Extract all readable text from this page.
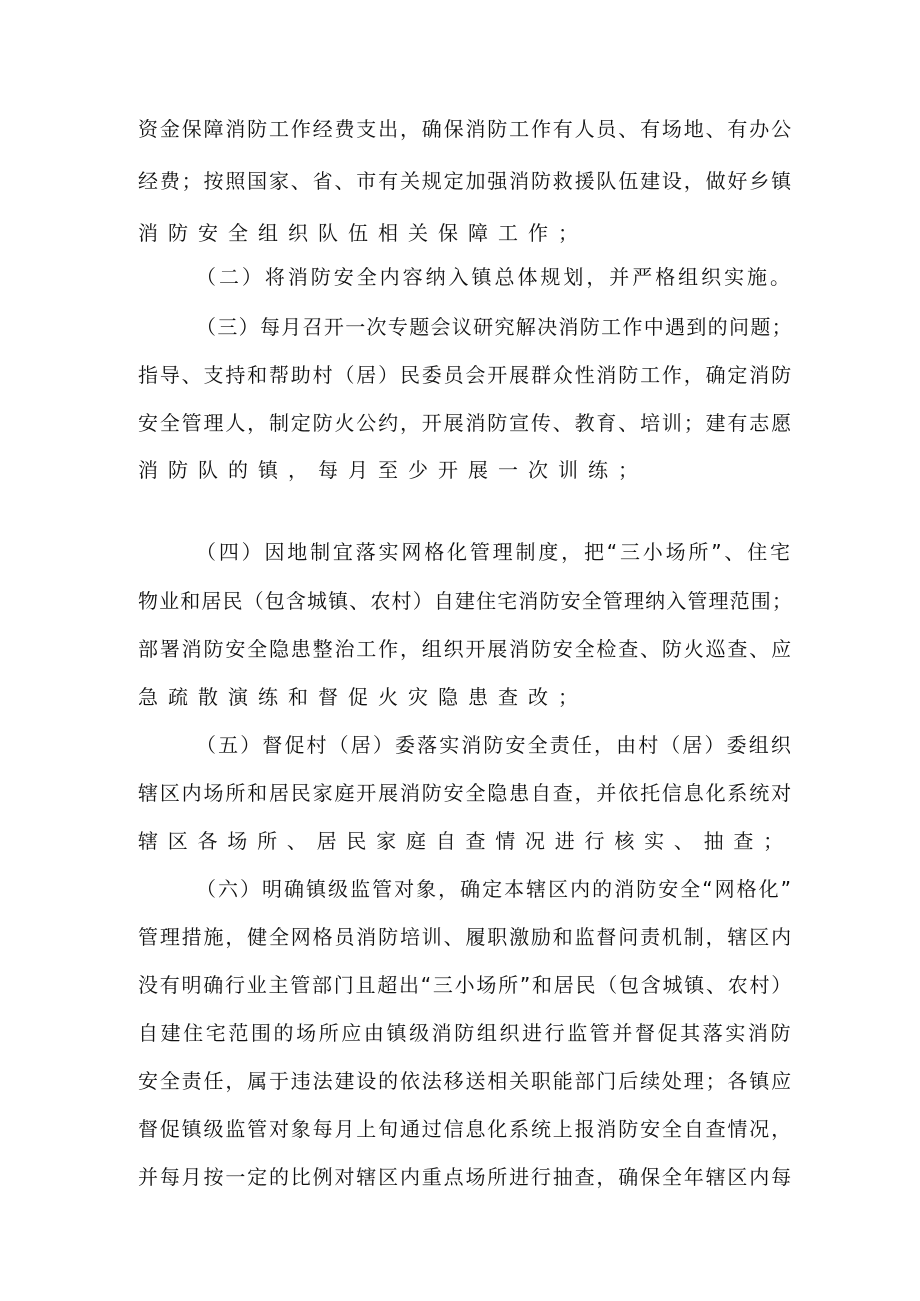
资金保障消防工作经费支出，确保消防工作有人员、有场地、有办公
经费；按照国家、省、市有关规定加强消防救援队伍建设，做好乡镇
消防安全组织队伍相关保障工作；
（二）将消防安全内容纳入镇总体规划，并严格组织实施。
（三）每月召开一次专题会议研究解决消防工作中遇到的问题；
指导、支持和帮助村（居）民委员会开展群众性消防工作，确定消防
安全管理人，制定防火公约，开展消防宣传、教育、培训；建有志愿
消防队的镇，每月至少开展一次训练；
（四）因地制宜落实网格化管理制度，把“三小场所”、住宅
物业和居民（包含城镇、农村）自建住宅消防安全管理纳入管理范围；
部署消防安全隐患整治工作，组织开展消防安全检查、防火巡查、应
急疏散演练和督促火灾隐患查改；
（五）督促村（居）委落实消防安全责任，由村（居）委组织
辖区内场所和居民家庭开展消防安全隐患自查，并依托信息化系统对
辖区各场所、居民家庭自查情况进行核实、抽查；
（六）明确镇级监管对象，确定本辖区内的消防安全“网格化”
管理措施，健全网格员消防培训、履职激励和监督问责机制，辖区内
没有明确行业主管部门且超出“三小场所”和居民（包含城镇、农村）
自建住宅范围的场所应由镇级消防组织进行监管并督促其落实消防
安全责任，属于违法建设的依法移送相关职能部门后续处理；各镇应
督促镇级监管对象每月上旬通过信息化系统上报消防安全自查情况，
并每月按一定的比例对辖区内重点场所进行抽查，确保全年辖区内每
